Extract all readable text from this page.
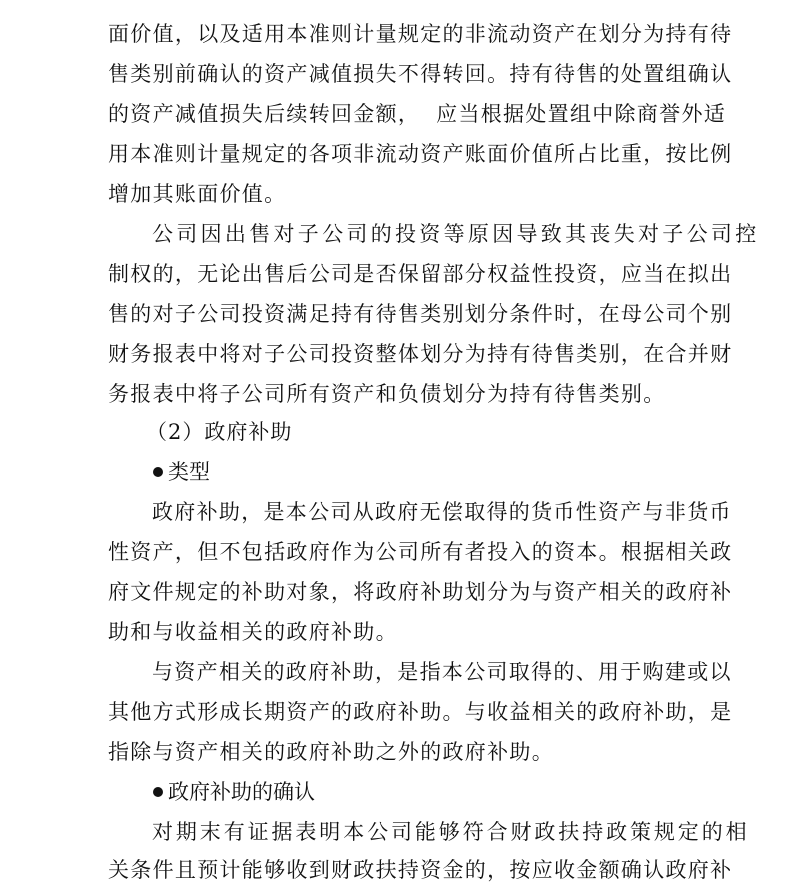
面价值，以及适用本准则计量规定的非流动资产在划分为持有待
售类别前确认的资产减值损失不得转回。持有待售的处置组确认
的资产减值损失后续转回金额，  应当根据处置组中除商誉外适
用本准则计量规定的各项非流动资产账面价值所占比重，按比例
增加其账面价值。
公司因出售对子公司的投资等原因导致其丧失对子公司控
制权的，无论出售后公司是否保留部分权益性投资，应当在拟出
售的对子公司投资满足持有待售类别划分条件时，在母公司个别
财务报表中将对子公司投资整体划分为持有待售类别，在合并财
务报表中将子公司所有资产和负债划分为持有待售类别。
（2）政府补助
类型
政府补助，是本公司从政府无偿取得的货币性资产与非货币
性资产，但不包括政府作为公司所有者投入的资本。根据相关政
府文件规定的补助对象，将政府补助划分为与资产相关的政府补
助和与收益相关的政府补助。
与资产相关的政府补助，是指本公司取得的、用于购建或以
其他方式形成长期资产的政府补助。与收益相关的政府补助，是
指除与资产相关的政府补助之外的政府补助。
政府补助的确认
对期末有证据表明本公司能够符合财政扶持政策规定的相
关条件且预计能够收到财政扶持资金的，按应收金额确认政府补
